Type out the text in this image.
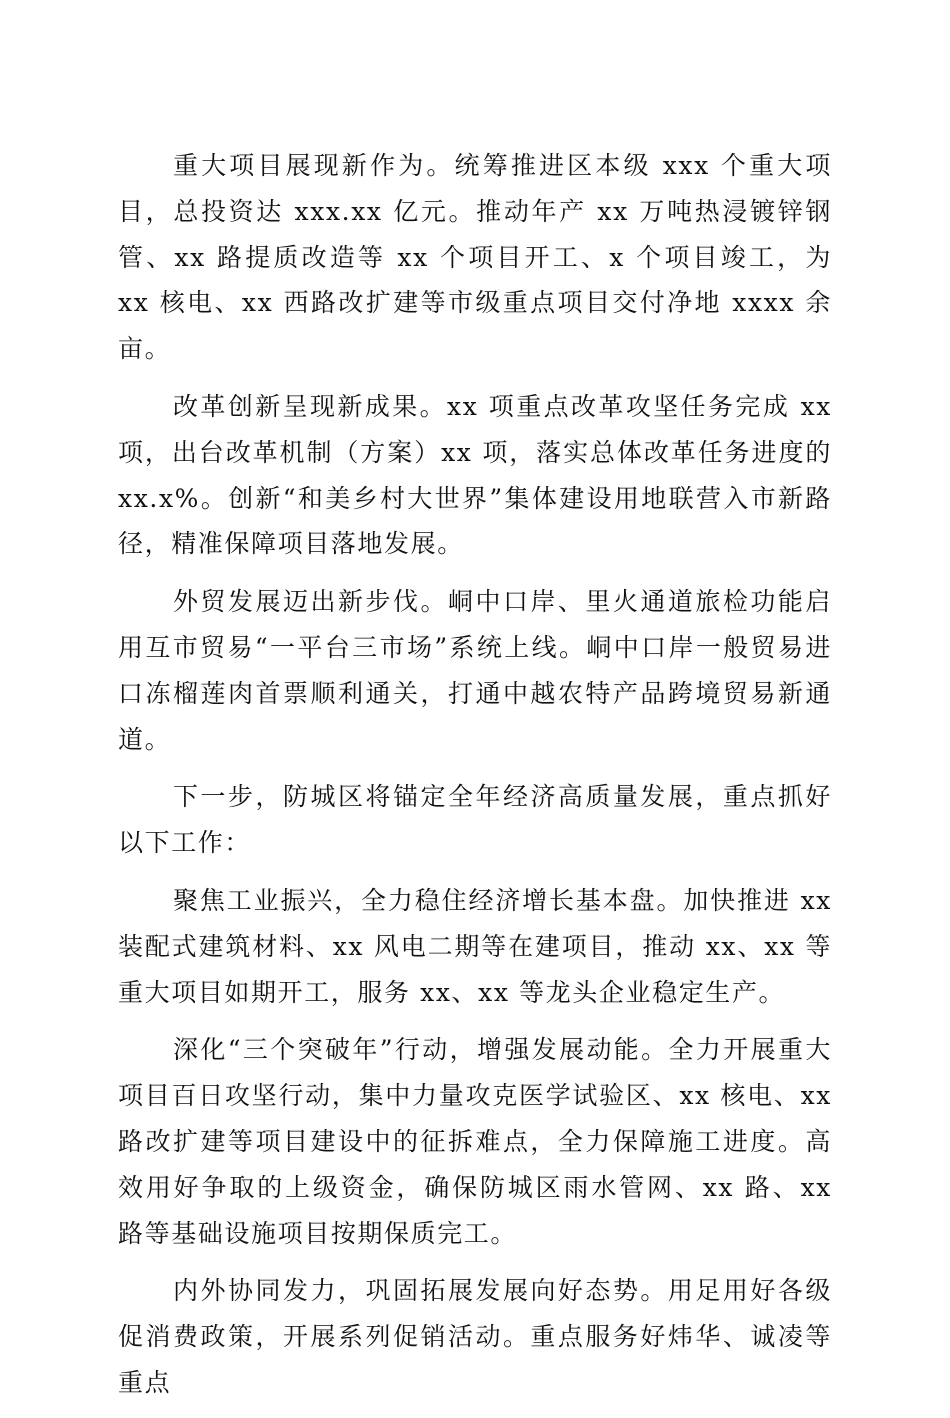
重大项目展现新作为。统筹推进区本级 xxx 个重大项目，总投资达 xxx.xx 亿元。推动年产 xx 万吨热浸镀锌钢管、xx 路提质改造等 xx 个项目开工、x 个项目竣工，为 xx 核电、xx 西路改扩建等市级重点项目交付净地 xxxx 余亩。

改革创新呈现新成果。xx 项重点改革攻坚任务完成 xx 项，出台改革机制（方案）xx 项，落实总体改革任务进度的 xx.x%。创新“和美乡村大世界”集体建设用地联营入市新路径，精准保障项目落地发展。

外贸发展迈出新步伐。峒中口岸、里火通道旅检功能启用互市贸易“一平台三市场”系统上线。峒中口岸一般贸易进口冻榴莲肉首票顺利通关，打通中越农特产品跨境贸易新通道。

下一步，防城区将锚定全年经济高质量发展，重点抓好以下工作：

聚焦工业振兴，全力稳住经济增长基本盘。加快推进 xx 装配式建筑材料、xx 风电二期等在建项目，推动 xx、xx 等重大项目如期开工，服务 xx、xx 等龙头企业稳定生产。

深化“三个突破年”行动，增强发展动能。全力开展重大项目百日攻坚行动，集中力量攻克医学试验区、xx 核电、xx 路改扩建等项目建设中的征拆难点，全力保障施工进度。高效用好争取的上级资金，确保防城区雨水管网、xx 路、xx 路等基础设施项目按期保质完工。

内外协同发力，巩固拓展发展向好态势。用足用好各级促消费政策，开展系列促销活动。重点服务好炜华、诚凌等重点
